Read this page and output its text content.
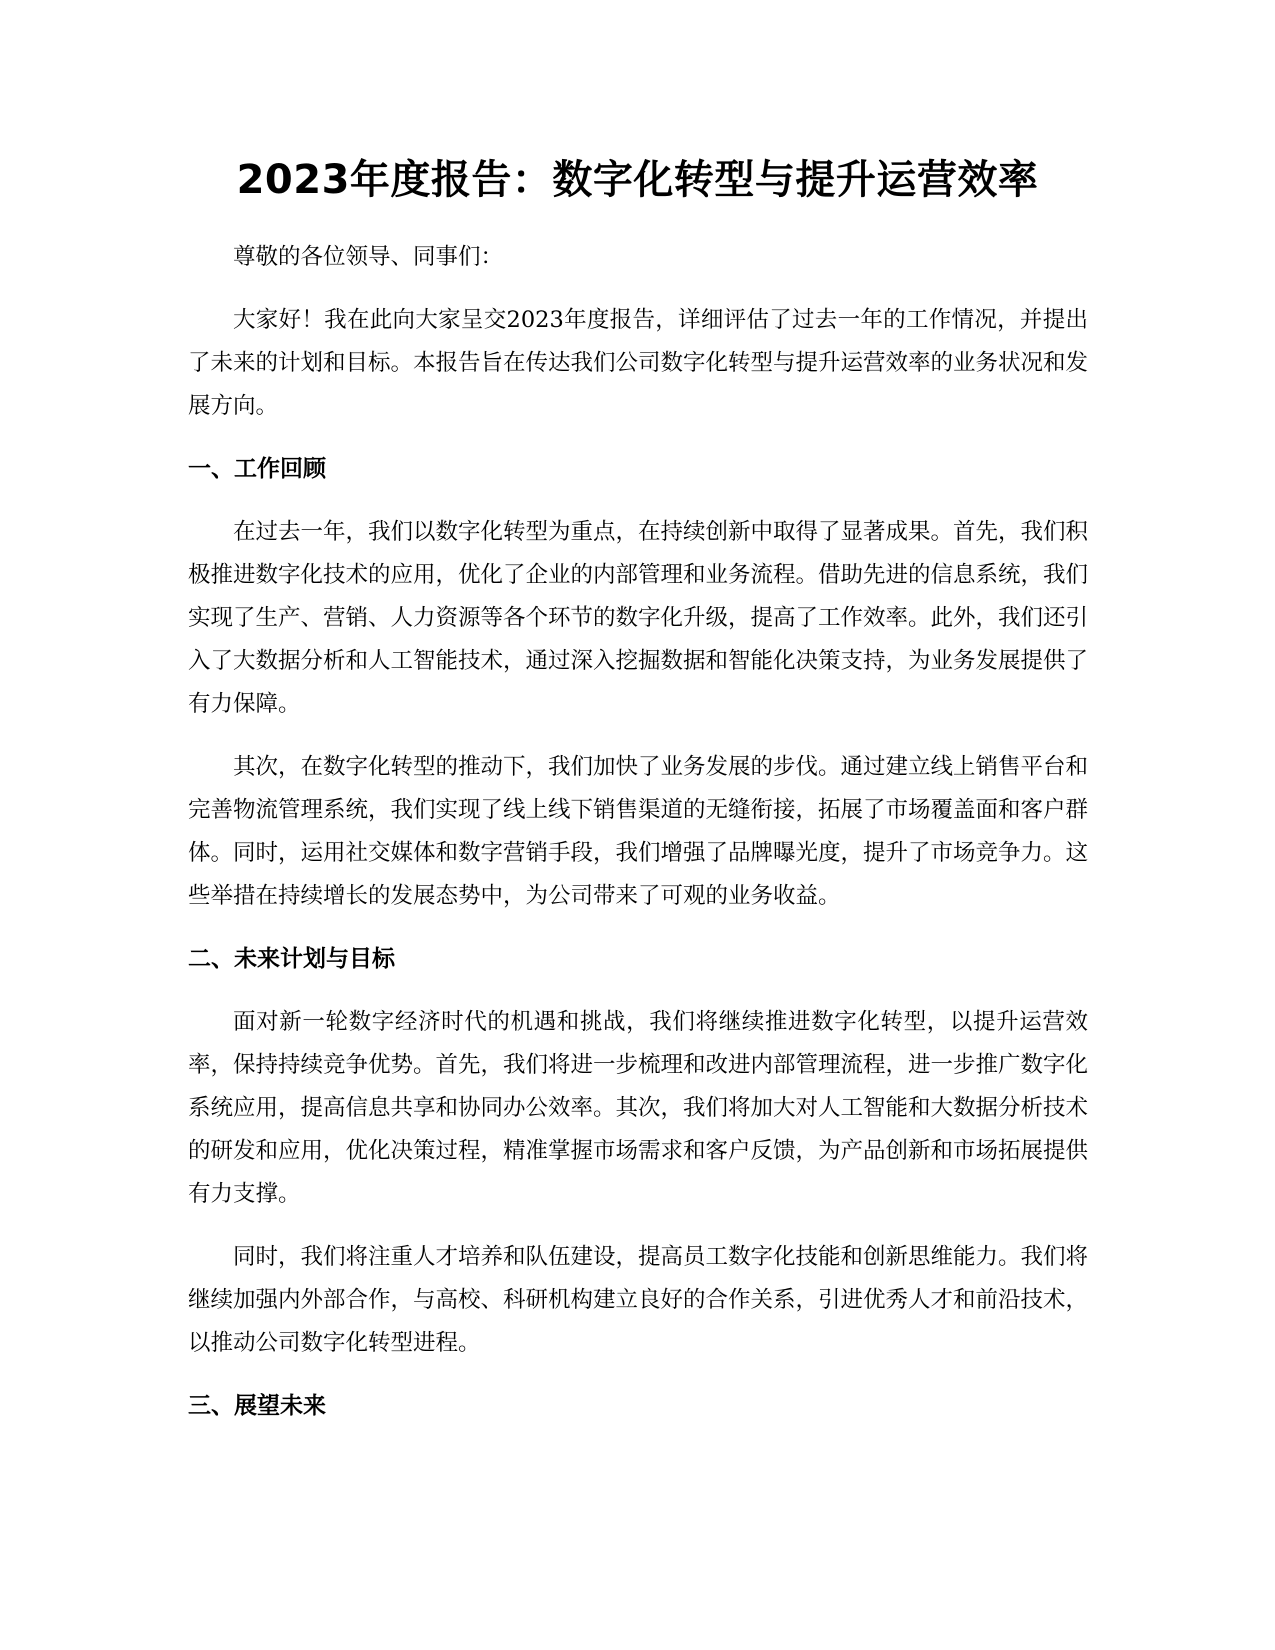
2023年度报告：数字化转型与提升运营效率

尊敬的各位领导、同事们：

大家好！我在此向大家呈交2023年度报告，详细评估了过去一年的工作情况，并提出了未来的计划和目标。本报告旨在传达我们公司数字化转型与提升运营效率的业务状况和发展方向。

一、工作回顾

在过去一年，我们以数字化转型为重点，在持续创新中取得了显著成果。首先，我们积极推进数字化技术的应用，优化了企业的内部管理和业务流程。借助先进的信息系统，我们实现了生产、营销、人力资源等各个环节的数字化升级，提高了工作效率。此外，我们还引入了大数据分析和人工智能技术，通过深入挖掘数据和智能化决策支持，为业务发展提供了有力保障。

其次，在数字化转型的推动下，我们加快了业务发展的步伐。通过建立线上销售平台和完善物流管理系统，我们实现了线上线下销售渠道的无缝衔接，拓展了市场覆盖面和客户群体。同时，运用社交媒体和数字营销手段，我们增强了品牌曝光度，提升了市场竞争力。这些举措在持续增长的发展态势中，为公司带来了可观的业务收益。

二、未来计划与目标

面对新一轮数字经济时代的机遇和挑战，我们将继续推进数字化转型，以提升运营效率，保持持续竞争优势。首先，我们将进一步梳理和改进内部管理流程，进一步推广数字化系统应用，提高信息共享和协同办公效率。其次，我们将加大对人工智能和大数据分析技术的研发和应用，优化决策过程，精准掌握市场需求和客户反馈，为产品创新和市场拓展提供有力支撑。

同时，我们将注重人才培养和队伍建设，提高员工数字化技能和创新思维能力。我们将继续加强内外部合作，与高校、科研机构建立良好的合作关系，引进优秀人才和前沿技术，以推动公司数字化转型进程。

三、展望未来
